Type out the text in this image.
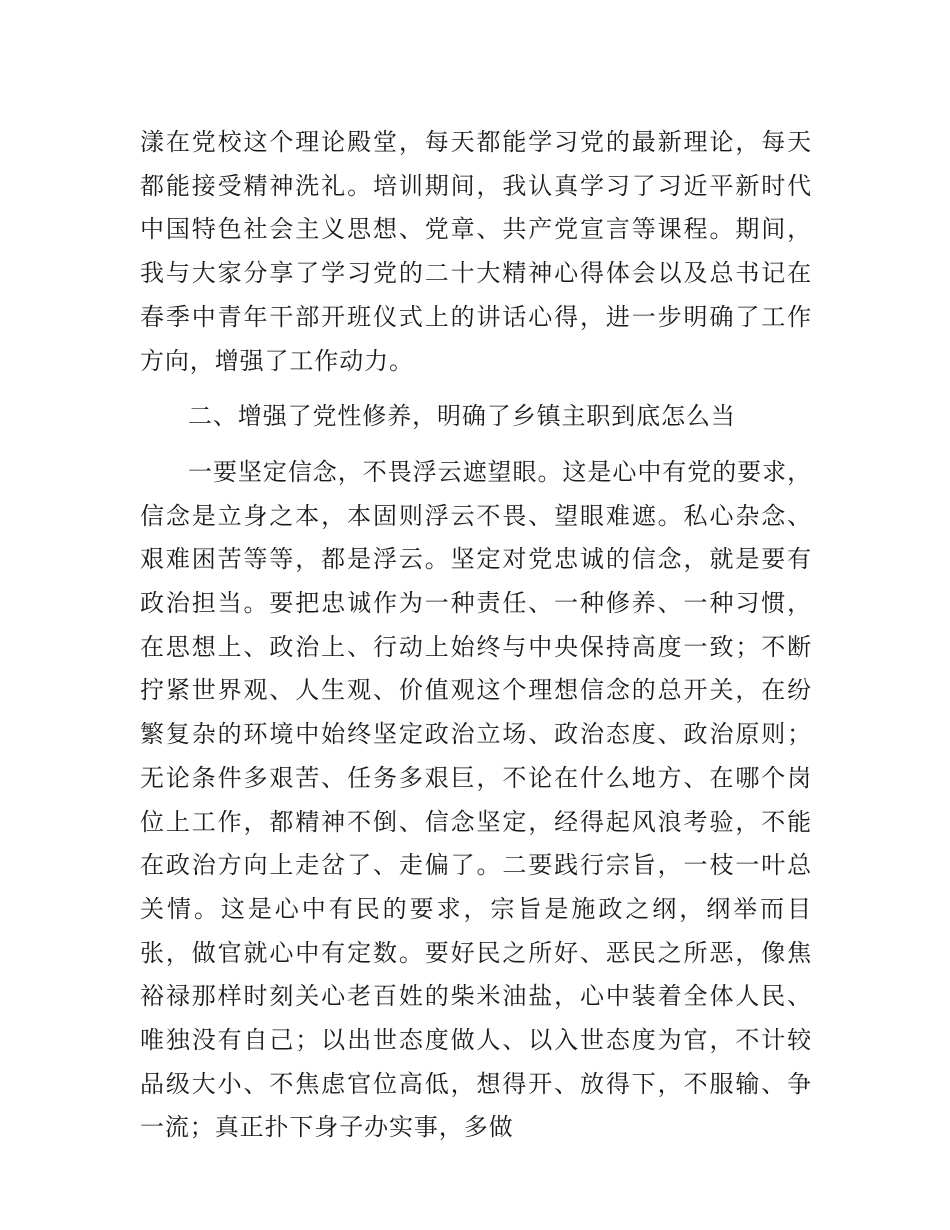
漾在党校这个理论殿堂，每天都能学习党的最新理论，每天都能接受精神洗礼。培训期间，我认真学习了习近平新时代中国特色社会主义思想、党章、共产党宣言等课程。期间，我与大家分享了学习党的二十大精神心得体会以及总书记在春季中青年干部开班仪式上的讲话心得，进一步明确了工作方向，增强了工作动力。

二、增强了党性修养，明确了乡镇主职到底怎么当

一要坚定信念，不畏浮云遮望眼。这是心中有党的要求，信念是立身之本，本固则浮云不畏、望眼难遮。私心杂念、艰难困苦等等，都是浮云。坚定对党忠诚的信念，就是要有政治担当。要把忠诚作为一种责任、一种修养、一种习惯，在思想上、政治上、行动上始终与中央保持高度一致；不断拧紧世界观、人生观、价值观这个理想信念的总开关，在纷繁复杂的环境中始终坚定政治立场、政治态度、政治原则；无论条件多艰苦、任务多艰巨，不论在什么地方、在哪个岗位上工作，都精神不倒、信念坚定，经得起风浪考验，不能在政治方向上走岔了、走偏了。二要践行宗旨，一枝一叶总关情。这是心中有民的要求，宗旨是施政之纲，纲举而目张，做官就心中有定数。要好民之所好、恶民之所恶，像焦裕禄那样时刻关心老百姓的柴米油盐，心中装着全体人民、唯独没有自己；以出世态度做人、以入世态度为官，不计较品级大小、不焦虑官位高低，想得开、放得下，不服输、争一流；真正扑下身子办实事，多做
